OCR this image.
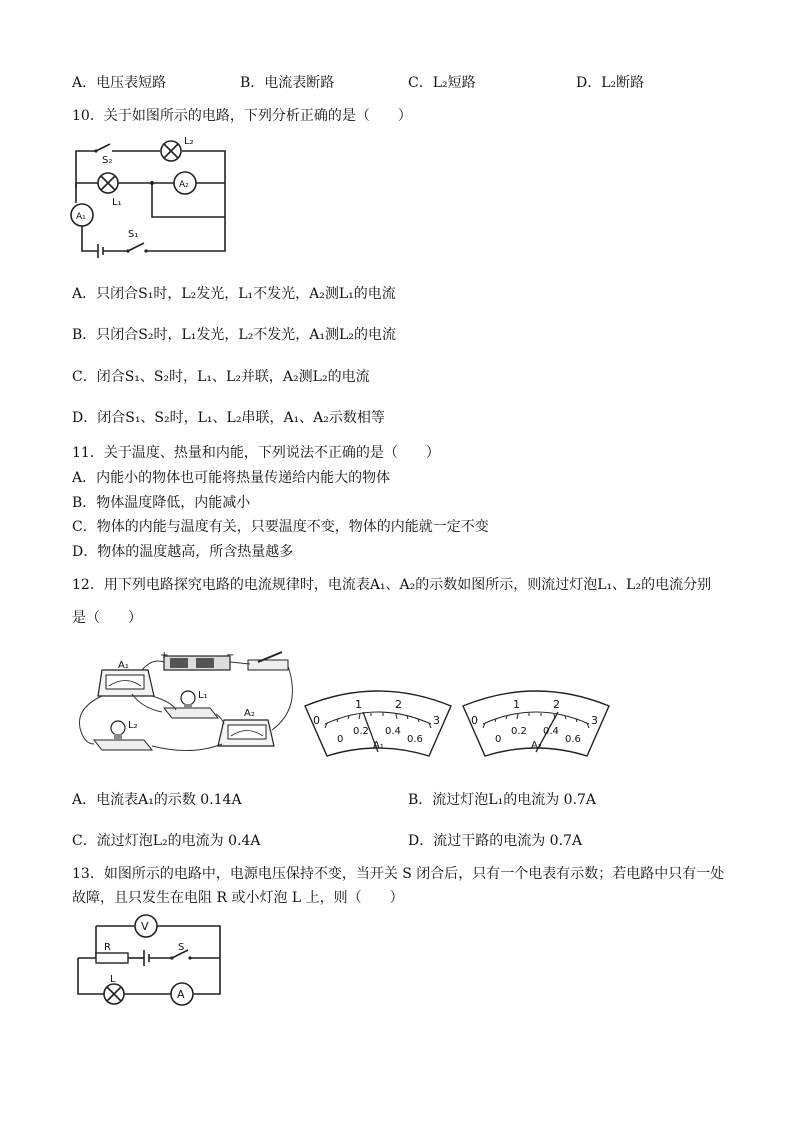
A．电压表短路	B．电流表断路	C．L₂短路	D．L₂断路
10．关于如图所示的电路，下列分析正确的是（　　）
S₂
L₂
L₁
A₁
A₂
S₁
A．只闭合S₁时，L₂发光，L₁不发光，A₂测L₁的电流
B．只闭合S₂时，L₁发光，L₂不发光，A₁测L₂的电流
C．闭合S₁、S₂时，L₁、L₂并联，A₂测L₂的电流
D．闭合S₁、S₂时，L₁、L₂串联，A₁、A₂示数相等
11．关于温度、热量和内能，下列说法不正确的是（　　）
A．内能小的物体也可能将热量传递给内能大的物体
B．物体温度降低，内能减小
C．物体的内能与温度有关，只要温度不变，物体的内能就一定不变
D．物体的温度越高，所含热量越多
12．用下列电路探究电路的电流规律时，电流表A₁、A₂的示数如图所示，则流过灯泡L₁、L₂的电流分别
是（　　）
+	−
A₁
L₁
L₂
A₂
0
1	2
3
0
0.2 0.4
0.6
A₁
0
1	2
3
0
0.2 0.4
0.6
A₂
A．电流表A₁的示数 0.14A	B．流过灯泡L₁的电流为 0.7A
C．流过灯泡L₂的电流为 0.4A	D．流过干路的电流为 0.7A
13．如图所示的电路中，电源电压保持不变，当开关 S 闭合后，只有一个电表有示数；若电路中只有一处
故障，且只发生在电阻 R 或小灯泡 L 上，则（　　）
V
R	S
L
A
